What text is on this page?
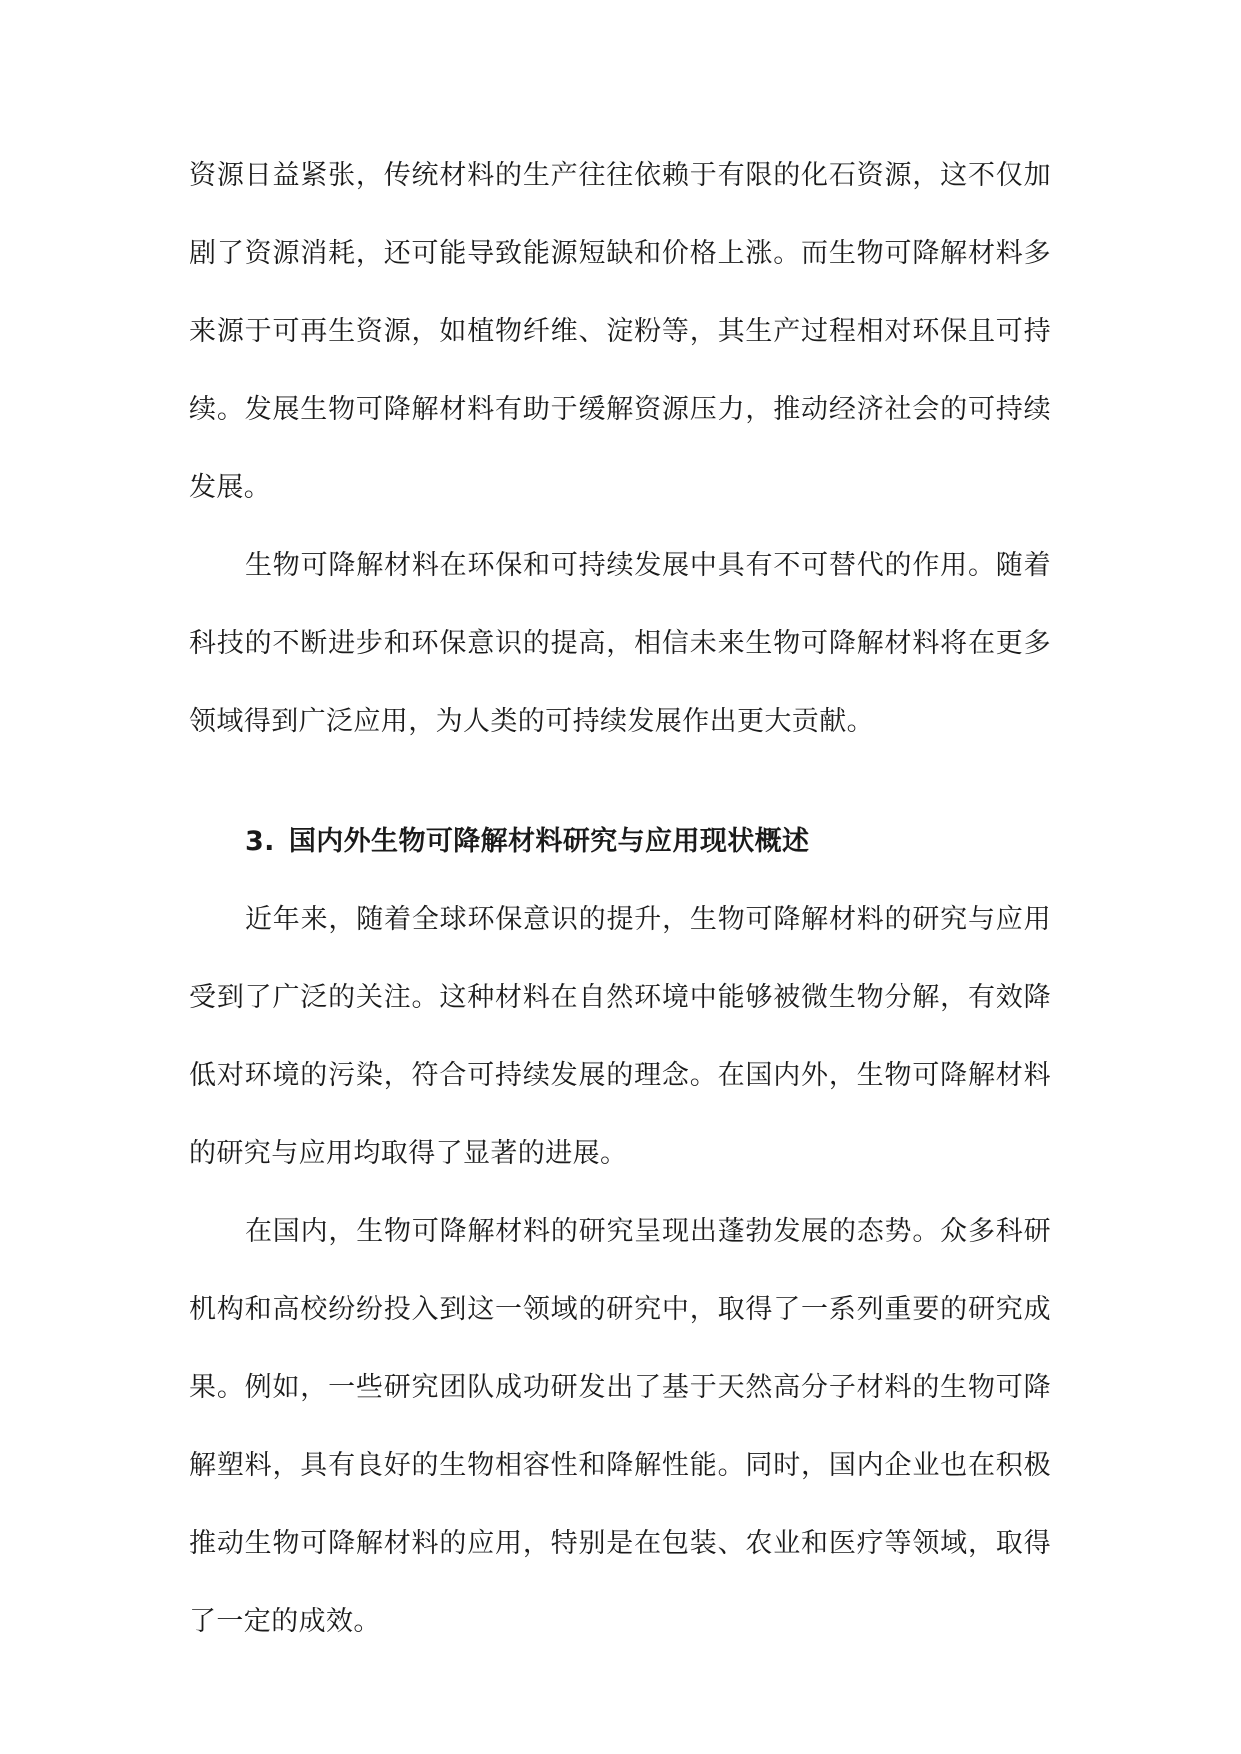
资源日益紧张，传统材料的生产往往依赖于有限的化石资源，这不仅加剧了资源消耗，还可能导致能源短缺和价格上涨。而生物可降解材料多来源于可再生资源，如植物纤维、淀粉等，其生产过程相对环保且可持续。发展生物可降解材料有助于缓解资源压力，推动经济社会的可持续发展。

生物可降解材料在环保和可持续发展中具有不可替代的作用。随着科技的不断进步和环保意识的提高，相信未来生物可降解材料将在更多领域得到广泛应用，为人类的可持续发展作出更大贡献。

3. 国内外生物可降解材料研究与应用现状概述

近年来，随着全球环保意识的提升，生物可降解材料的研究与应用受到了广泛的关注。这种材料在自然环境中能够被微生物分解，有效降低对环境的污染，符合可持续发展的理念。在国内外，生物可降解材料的研究与应用均取得了显著的进展。

在国内，生物可降解材料的研究呈现出蓬勃发展的态势。众多科研机构和高校纷纷投入到这一领域的研究中，取得了一系列重要的研究成果。例如，一些研究团队成功研发出了基于天然高分子材料的生物可降解塑料，具有良好的生物相容性和降解性能。同时，国内企业也在积极推动生物可降解材料的应用，特别是在包装、农业和医疗等领域，取得了一定的成效。
